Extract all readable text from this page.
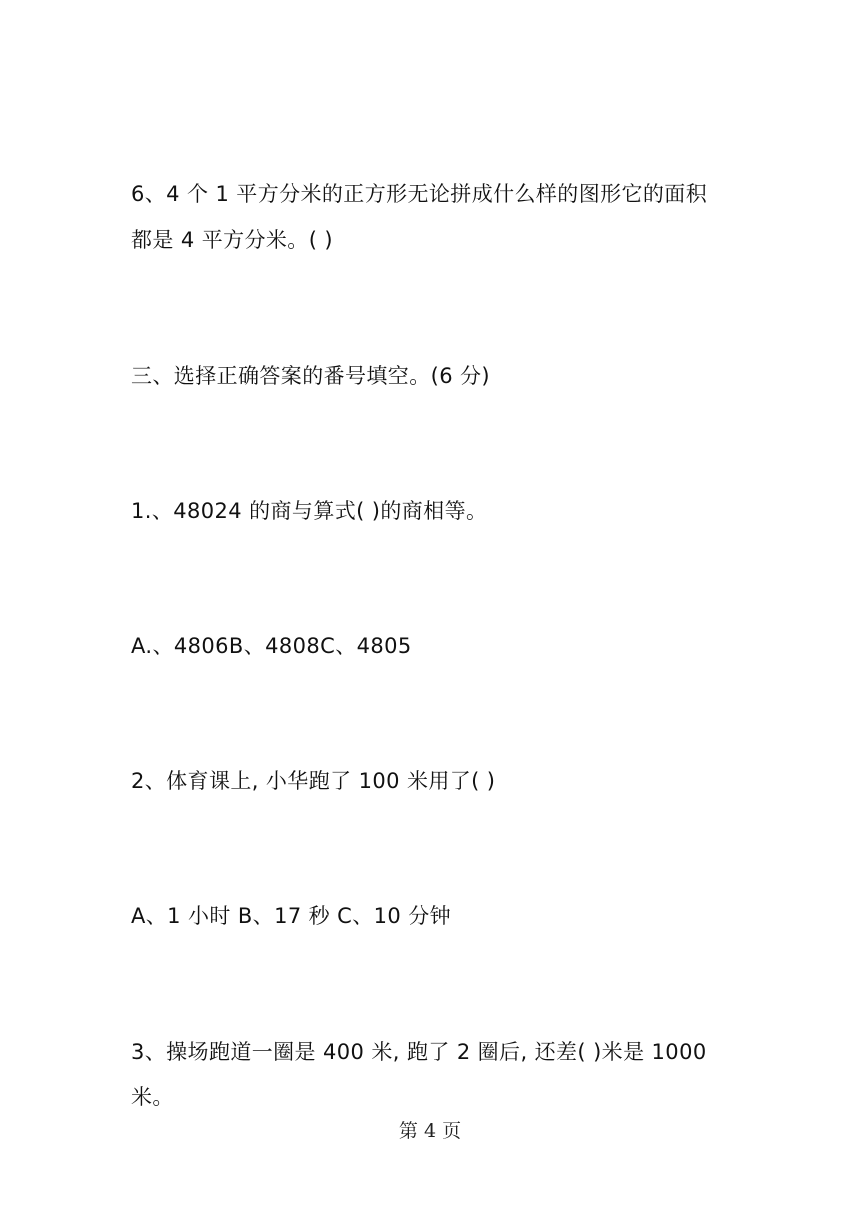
6、4 个 1 平方分米的正方形无论拼成什么样的图形它的面积
都是 4 平方分米。( )
三、选择正确答案的番号填空。(6 分)
1.、48024 的商与算式( )的商相等。
A.、4806B、4808C、4805
2、体育课上, 小华跑了 100 米用了( )
A、1 小时 B、17 秒 C、10 分钟
3、操场跑道一圈是 400 米, 跑了 2 圈后, 还差( )米是 1000
米。
第 4 页
